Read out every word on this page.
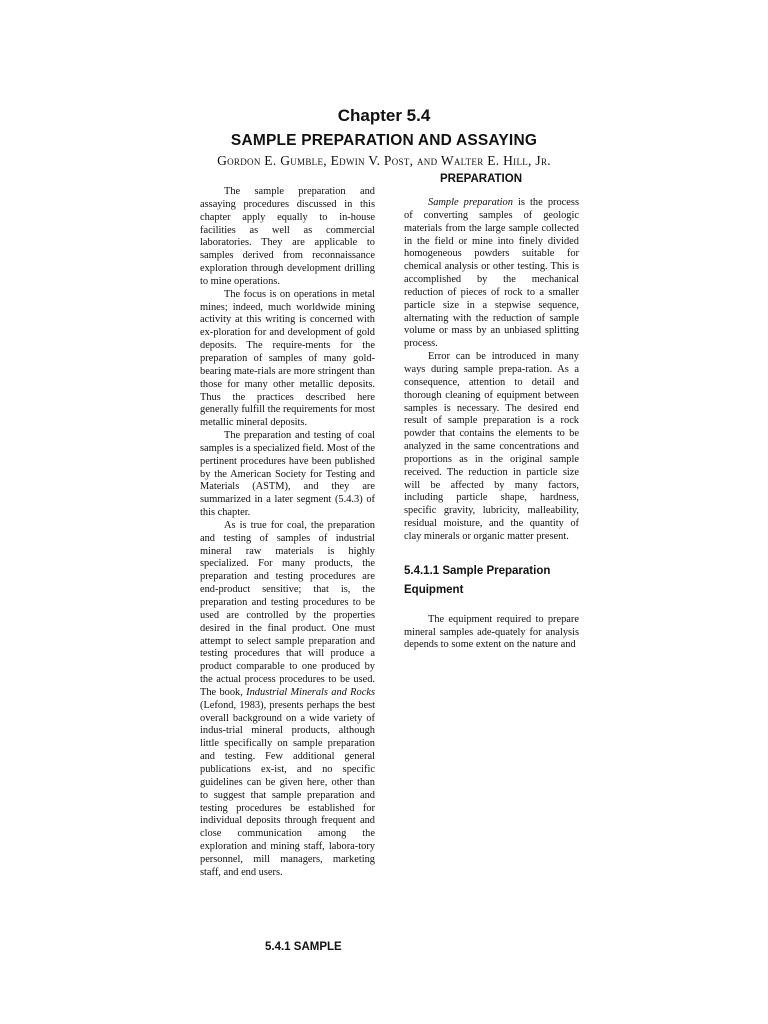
Chapter 5.4
SAMPLE PREPARATION AND ASSAYING
Gordon E. Gumble, Edwin V. Post, and Walter E. Hill, Jr.

The sample preparation and assaying procedures discussed in this chapter apply equally to in-house facilities as well as commercial laboratories. They are applicable to samples derived from reconnaissance exploration through development drilling to mine operations.

The focus is on operations in metal mines; indeed, much worldwide mining activity at this writing is concerned with ex-ploration for and development of gold deposits. The require-ments for the preparation of samples of many gold-bearing mate-rials are more stringent than those for many other metallic deposits. Thus the practices described here generally fulfill the requirements for most metallic mineral deposits.

The preparation and testing of coal samples is a specialized field. Most of the pertinent procedures have been published by the American Society for Testing and Materials (ASTM), and they are summarized in a later segment (5.4.3) of this chapter.

As is true for coal, the preparation and testing of samples of industrial mineral raw materials is highly specialized. For many products, the preparation and testing procedures are end-product sensitive; that is, the preparation and testing procedures to be used are controlled by the properties desired in the final product. One must attempt to select sample preparation and testing procedures that will produce a product comparable to one produced by the actual process procedures to be used. The book, Industrial Minerals and Rocks (Lefond, 1983), presents perhaps the best overall background on a wide variety of indus-trial mineral products, although little specifically on sample preparation and testing. Few additional general publications ex-ist, and no specific guidelines can be given here, other than to suggest that sample preparation and testing procedures be established for individual deposits through frequent and close communication among the exploration and mining staff, labora-tory personnel, mill managers, marketing staff, and end users.

5.4.1 SAMPLE
PREPARATION

Sample preparation is the process of converting samples of geologic materials from the large sample collected in the field or mine into finely divided homogeneous powders suitable for chemical analysis or other testing. This is accomplished by the mechanical reduction of pieces of rock to a smaller particle size in a stepwise sequence, alternating with the reduction of sample volume or mass by an unbiased splitting process.

Error can be introduced in many ways during sample prepa-ration. As a consequence, attention to detail and thorough cleaning of equipment between samples is necessary. The desired end result of sample preparation is a rock powder that contains the elements to be analyzed in the same concentrations and proportions as in the original sample received. The reduction in particle size will be affected by many factors, including particle shape, hardness, specific gravity, lubricity, malleability, residual moisture, and the quantity of clay minerals or organic matter present.

5.4.1.1 Sample Preparation Equipment

The equipment required to prepare mineral samples ade-quately for analysis depends to some extent on the nature and
